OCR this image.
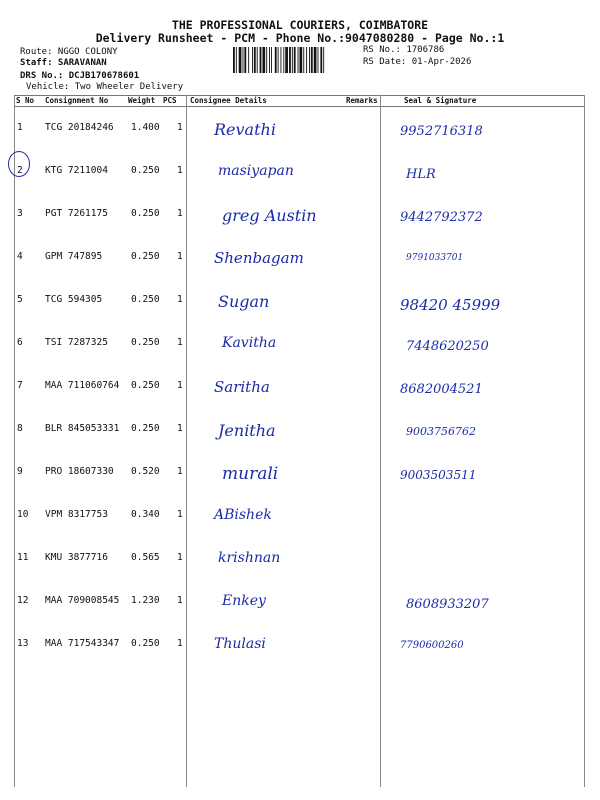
THE PROFESSIONAL COURIERS, COIMBATORE
Delivery Runsheet - PCM - Phone No.:9047080280 - Page No.:1
Route: NGGO COLONY
Staff: SARAVANAN
DRS No.: DCJB170678601
Vehicle: Two Wheeler Delivery
RS No.: 1706786
RS Date: 01-Apr-2026
S No Consignment No	Weight PCS Consignee Details	Remarks	Seal & Signature
1 TCG 20184246 1.400 1 Revathi	9952716318
2 KTG 7211004 0.250 1	masiyapan	HLR
3 PGT 7261175 0.250 1 greg Austin	9442792372
4 GPM 747895	0.250 1 Shenbagam	9791033701
5 TCG 594305	0.250 1 Sugan	98420 45999
6 TSI 7287325 0.250 1	Kavitha	7448620250
7 MAA 711060764 0.250 1 Saritha	8682004521
8 BLR 845053331 0.250 1 Jenitha	9003756762
9 PRO 18607330 0.520 1 murali	9003503511
10 VPM 8317753 0.340 1 ABishek
11 KMU 3877716 0.565 1	krishnan
12 MAA 709008545 1.230 1	Enkey	8608933207
13 MAA 717543347 0.250 1 Thulasi	7790600260
